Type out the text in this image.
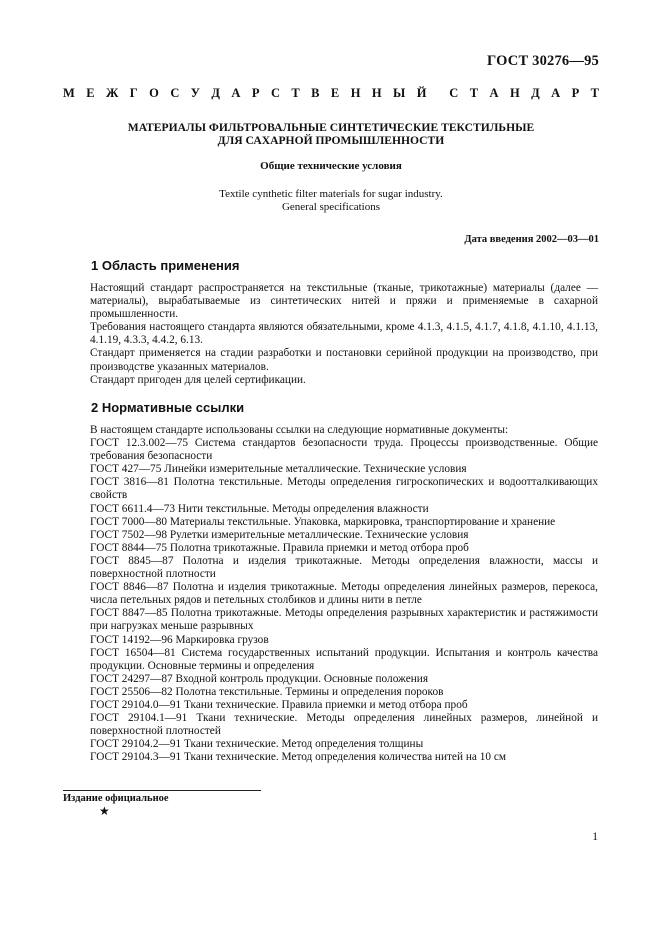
ГОСТ 30276—95
М Е Ж Г О С У Д А Р С Т В Е Н Н Ы Й С Т А Н Д А Р Т
МАТЕРИАЛЫ ФИЛЬТРОВАЛЬНЫЕ СИНТЕТИЧЕСКИЕ ТЕКСТИЛЬНЫЕ
ДЛЯ САХАРНОЙ ПРОМЫШЛЕННОСТИ
Общие технические условия
Textile cynthetic filter materials for sugar industry.
General specifications
Дата введения 2002—03—01
1 Область применения

Настоящий стандарт распространяется на текстильные (тканые, трикотажные) материалы (далее — материалы), вырабатываемые из синтетических нитей и пряжи и применяемые в сахарной промышленности.

Требования настоящего стандарта являются обязательными, кроме 4.1.3, 4.1.5, 4.1.7, 4.1.8, 4.1.10, 4.1.13, 4.1.19, 4.3.3, 4.4.2, 6.13.

Стандарт применяется на стадии разработки и постановки серийной продукции на производство, при производстве указанных материалов.

Стандарт пригоден для целей сертификации.

2 Нормативные ссылки

В настоящем стандарте использованы ссылки на следующие нормативные документы:

ГОСТ 12.3.002—75 Система стандартов безопасности труда. Процессы производственные. Общие требования безопасности

ГОСТ 427—75 Линейки измерительные металлические. Технические условия

ГОСТ 3816—81 Полотна текстильные. Методы определения гигроскопических и водоотталкивающих свойств

ГОСТ 6611.4—73 Нити текстильные. Методы определения влажности

ГОСТ 7000—80 Материалы текстильные. Упаковка, маркировка, транспортирование и хранение

ГОСТ 7502—98 Рулетки измерительные металлические. Технические условия

ГОСТ 8844—75 Полотна трикотажные. Правила приемки и метод отбора проб

ГОСТ 8845—87 Полотна и изделия трикотажные. Методы определения влажности, массы и поверхностной плотности

ГОСТ 8846—87 Полотна и изделия трикотажные. Методы определения линейных размеров, перекоса, числа петельных рядов и петельных столбиков и длины нити в петле

ГОСТ 8847—85 Полотна трикотажные. Методы определения разрывных характеристик и растяжимости при нагрузках меньше разрывных

ГОСТ 14192—96 Маркировка грузов

ГОСТ 16504—81 Система государственных испытаний продукции. Испытания и контроль качества продукции. Основные термины и определения

ГОСТ 24297—87 Входной контроль продукции. Основные положения

ГОСТ 25506—82 Полотна текстильные. Термины и определения пороков

ГОСТ 29104.0—91 Ткани технические. Правила приемки и метод отбора проб

ГОСТ 29104.1—91 Ткани технические. Методы определения линейных размеров, линейной и поверхностной плотностей

ГОСТ 29104.2—91 Ткани технические. Метод определения толщины

ГОСТ 29104.3—91 Ткани технические. Метод определения количества нитей на 10 см

Издание официальное
★
1
